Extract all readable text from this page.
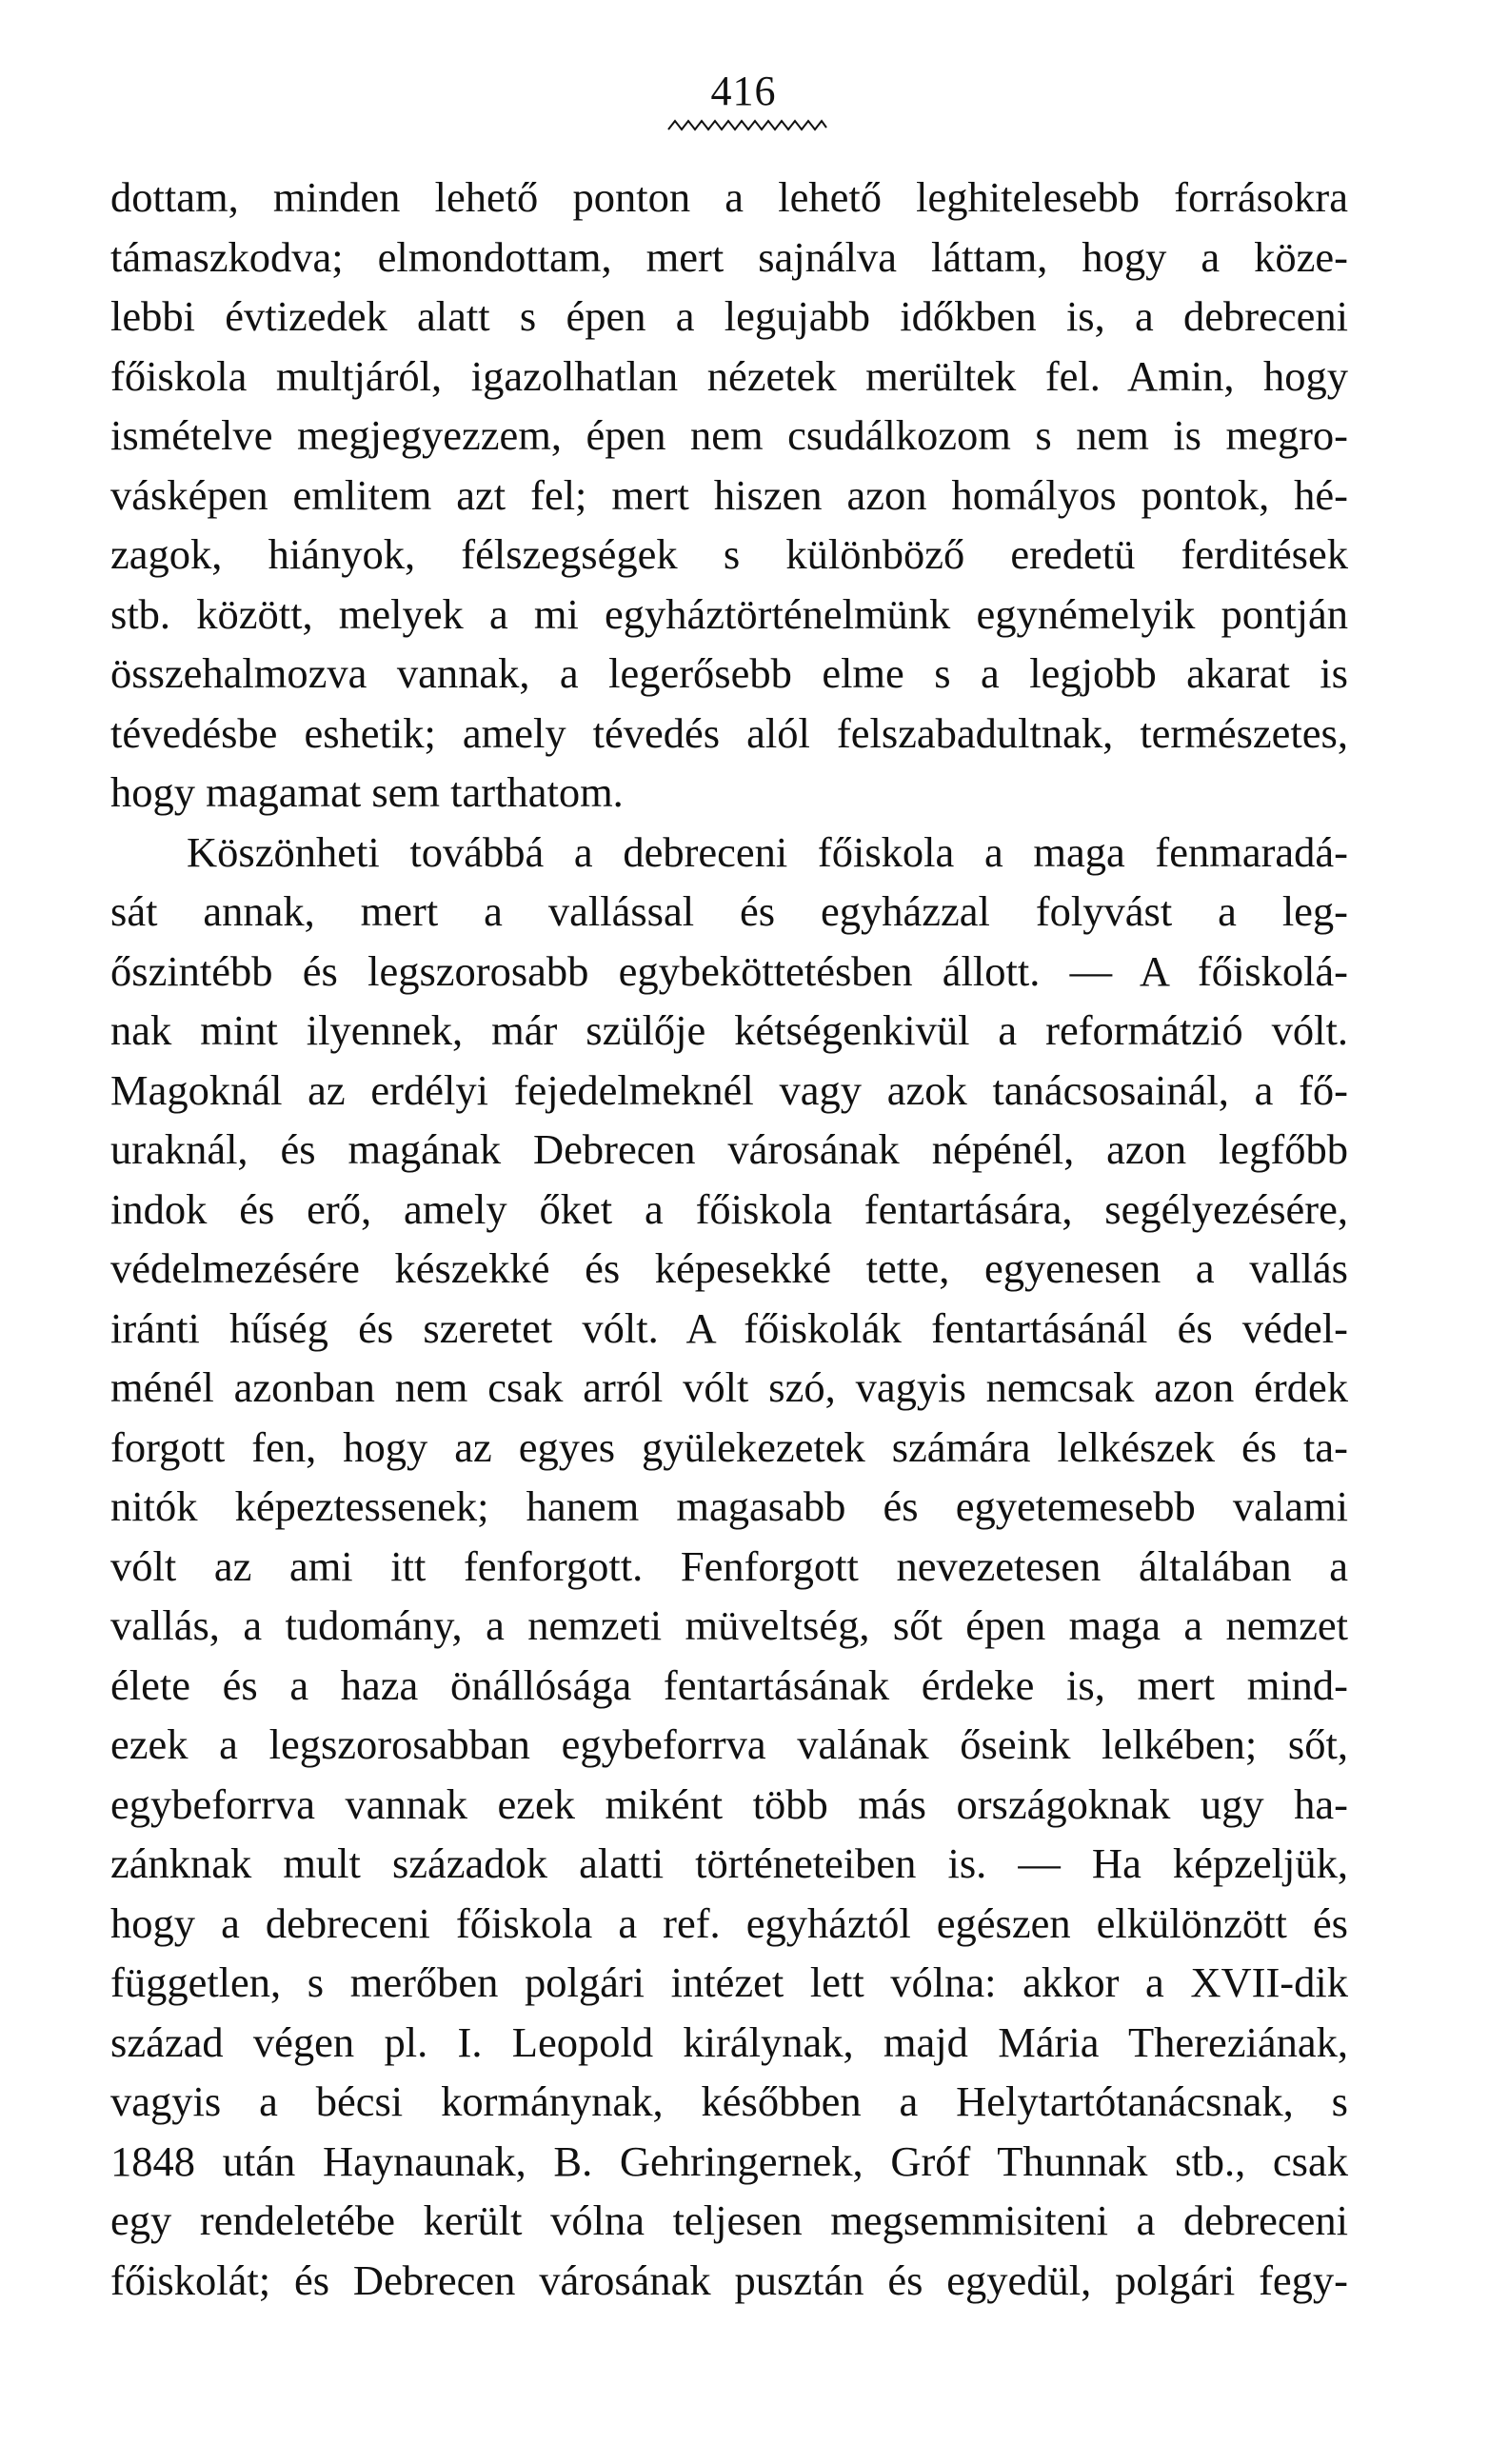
416
dottam, minden lehető ponton a lehető leghitelesebb forrásokra
támaszkodva; elmondottam, mert sajnálva láttam, hogy a köze-
lebbi évtizedek alatt s épen a legujabb időkben is, a debreceni
főiskola multjáról, igazolhatlan nézetek merültek fel. Amin, hogy
ismételve megjegyezzem, épen nem csudálkozom s nem is megro-
vásképen emlitem azt fel; mert hiszen azon homályos pontok, hé-
zagok, hiányok, félszegségek s különböző eredetü ferditések
stb. között, melyek a mi egyháztörténelmünk egynémelyik pontján
összehalmozva vannak, a legerősebb elme s a legjobb akarat is
tévedésbe eshetik; amely tévedés alól felszabadultnak, természetes,
hogy magamat sem tarthatom.
Köszönheti továbbá a debreceni főiskola a maga fenmaradá-
sát annak, mert a vallással és egyházzal folyvást a leg-
őszintébb és legszorosabb egybeköttetésben állott. — A főiskolá-
nak mint ilyennek, már szülője kétségenkivül a reformátzió vólt.
Magoknál az erdélyi fejedelmeknél vagy azok tanácsosainál, a fő-
uraknál, és magának Debrecen városának népénél, azon legfőbb
indok és erő, amely őket a főiskola fentartására, segélyezésére,
védelmezésére készekké és képesekké tette, egyenesen a vallás
iránti hűség és szeretet vólt. A főiskolák fentartásánál és védel-
ménél azonban nem csak arról vólt szó, vagyis nemcsak azon érdek
forgott fen, hogy az egyes gyülekezetek számára lelkészek és ta-
nitók képeztessenek; hanem magasabb és egyetemesebb valami
vólt az ami itt fenforgott. Fenforgott nevezetesen általában a
vallás, a tudomány, a nemzeti müveltség, sőt épen maga a nemzet
élete és a haza önállósága fentartásának érdeke is, mert mind-
ezek a legszorosabban egybeforrva valának őseink lelkében; sőt,
egybeforrva vannak ezek miként több más országoknak ugy ha-
zánknak mult századok alatti történeteiben is. — Ha képzeljük,
hogy a debreceni főiskola a ref. egyháztól egészen elkülönzött és
független, s merőben polgári intézet lett vólna: akkor a XVII-dik
század végen pl. I. Leopold királynak, majd Mária Thereziának,
vagyis a bécsi kormánynak, későbben a Helytartótanácsnak, s
1848 után Haynaunak, B. Gehringernek, Gróf Thunnak stb., csak
egy rendeletébe került vólna teljesen megsemmisiteni a debreceni
főiskolát; és Debrecen városának pusztán és egyedül, polgári fegy-
